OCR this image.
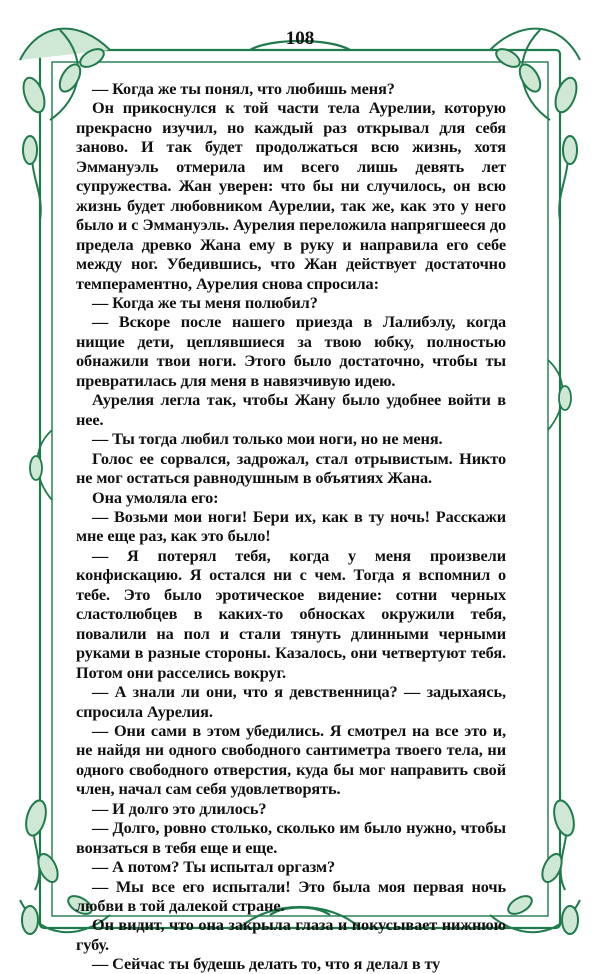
108

— Когда же ты понял, что любишь меня?

Он прикоснулся к той части тела Аурелии, которую прекрасно изучил, но каждый раз открывал для себя заново. И так будет продолжаться всю жизнь, хотя Эммануэль отмерила им всего лишь девять лет супружества. Жан уверен: что бы ни случилось, он всю жизнь будет любовником Аурелии, так же, как это у него было и с Эммануэль. Аурелия переложила напрягшееся до предела древко Жана ему в руку и направила его себе между ног. Убедившись, что Жан действует достаточно темпераментно, Аурелия снова спросила:

— Когда же ты меня полюбил?

— Вскоре после нашего приезда в Лалибэлу, когда нищие дети, цеплявшиеся за твою юбку, полностью обнажили твои ноги. Этого было достаточно, чтобы ты превратилась для меня в навязчивую идею.

Аурелия легла так, чтобы Жану было удобнее войти в нее.

— Ты тогда любил только мои ноги, но не меня.

Голос ее сорвался, задрожал, стал отрывистым. Никто не мог остаться равнодушным в объятиях Жана.

Она умоляла его:

— Возьми мои ноги! Бери их, как в ту ночь! Расскажи мне еще раз, как это было!

— Я потерял тебя, когда у меня произвели конфискацию. Я остался ни с чем. Тогда я вспомнил о тебе. Это было эротическое видение: сотни черных сластолюбцев в каких-то обносках окружили тебя, повалили на пол и стали тянуть длинными черными руками в разные стороны. Казалось, они четвертуют тебя. Потом они расселись вокруг.

— А знали ли они, что я девственница? — задыхаясь, спросила Аурелия.

— Они сами в этом убедились. Я смотрел на все это и, не найдя ни одного свободного сантиметра твоего тела, ни одного свободного отверстия, куда бы мог направить свой член, начал сам себя удовлетворять.

— И долго это длилось?

— Долго, ровно столько, сколько им было нужно, чтобы вонзаться в тебя еще и еще.

— А потом? Ты испытал оргазм?

— Мы все его испытали! Это была моя первая ночь любви в той далекой стране.

Он видит, что она закрыла глаза и покусывает нижнюю губу.

— Сейчас ты будешь делать то, что я делал в ту
